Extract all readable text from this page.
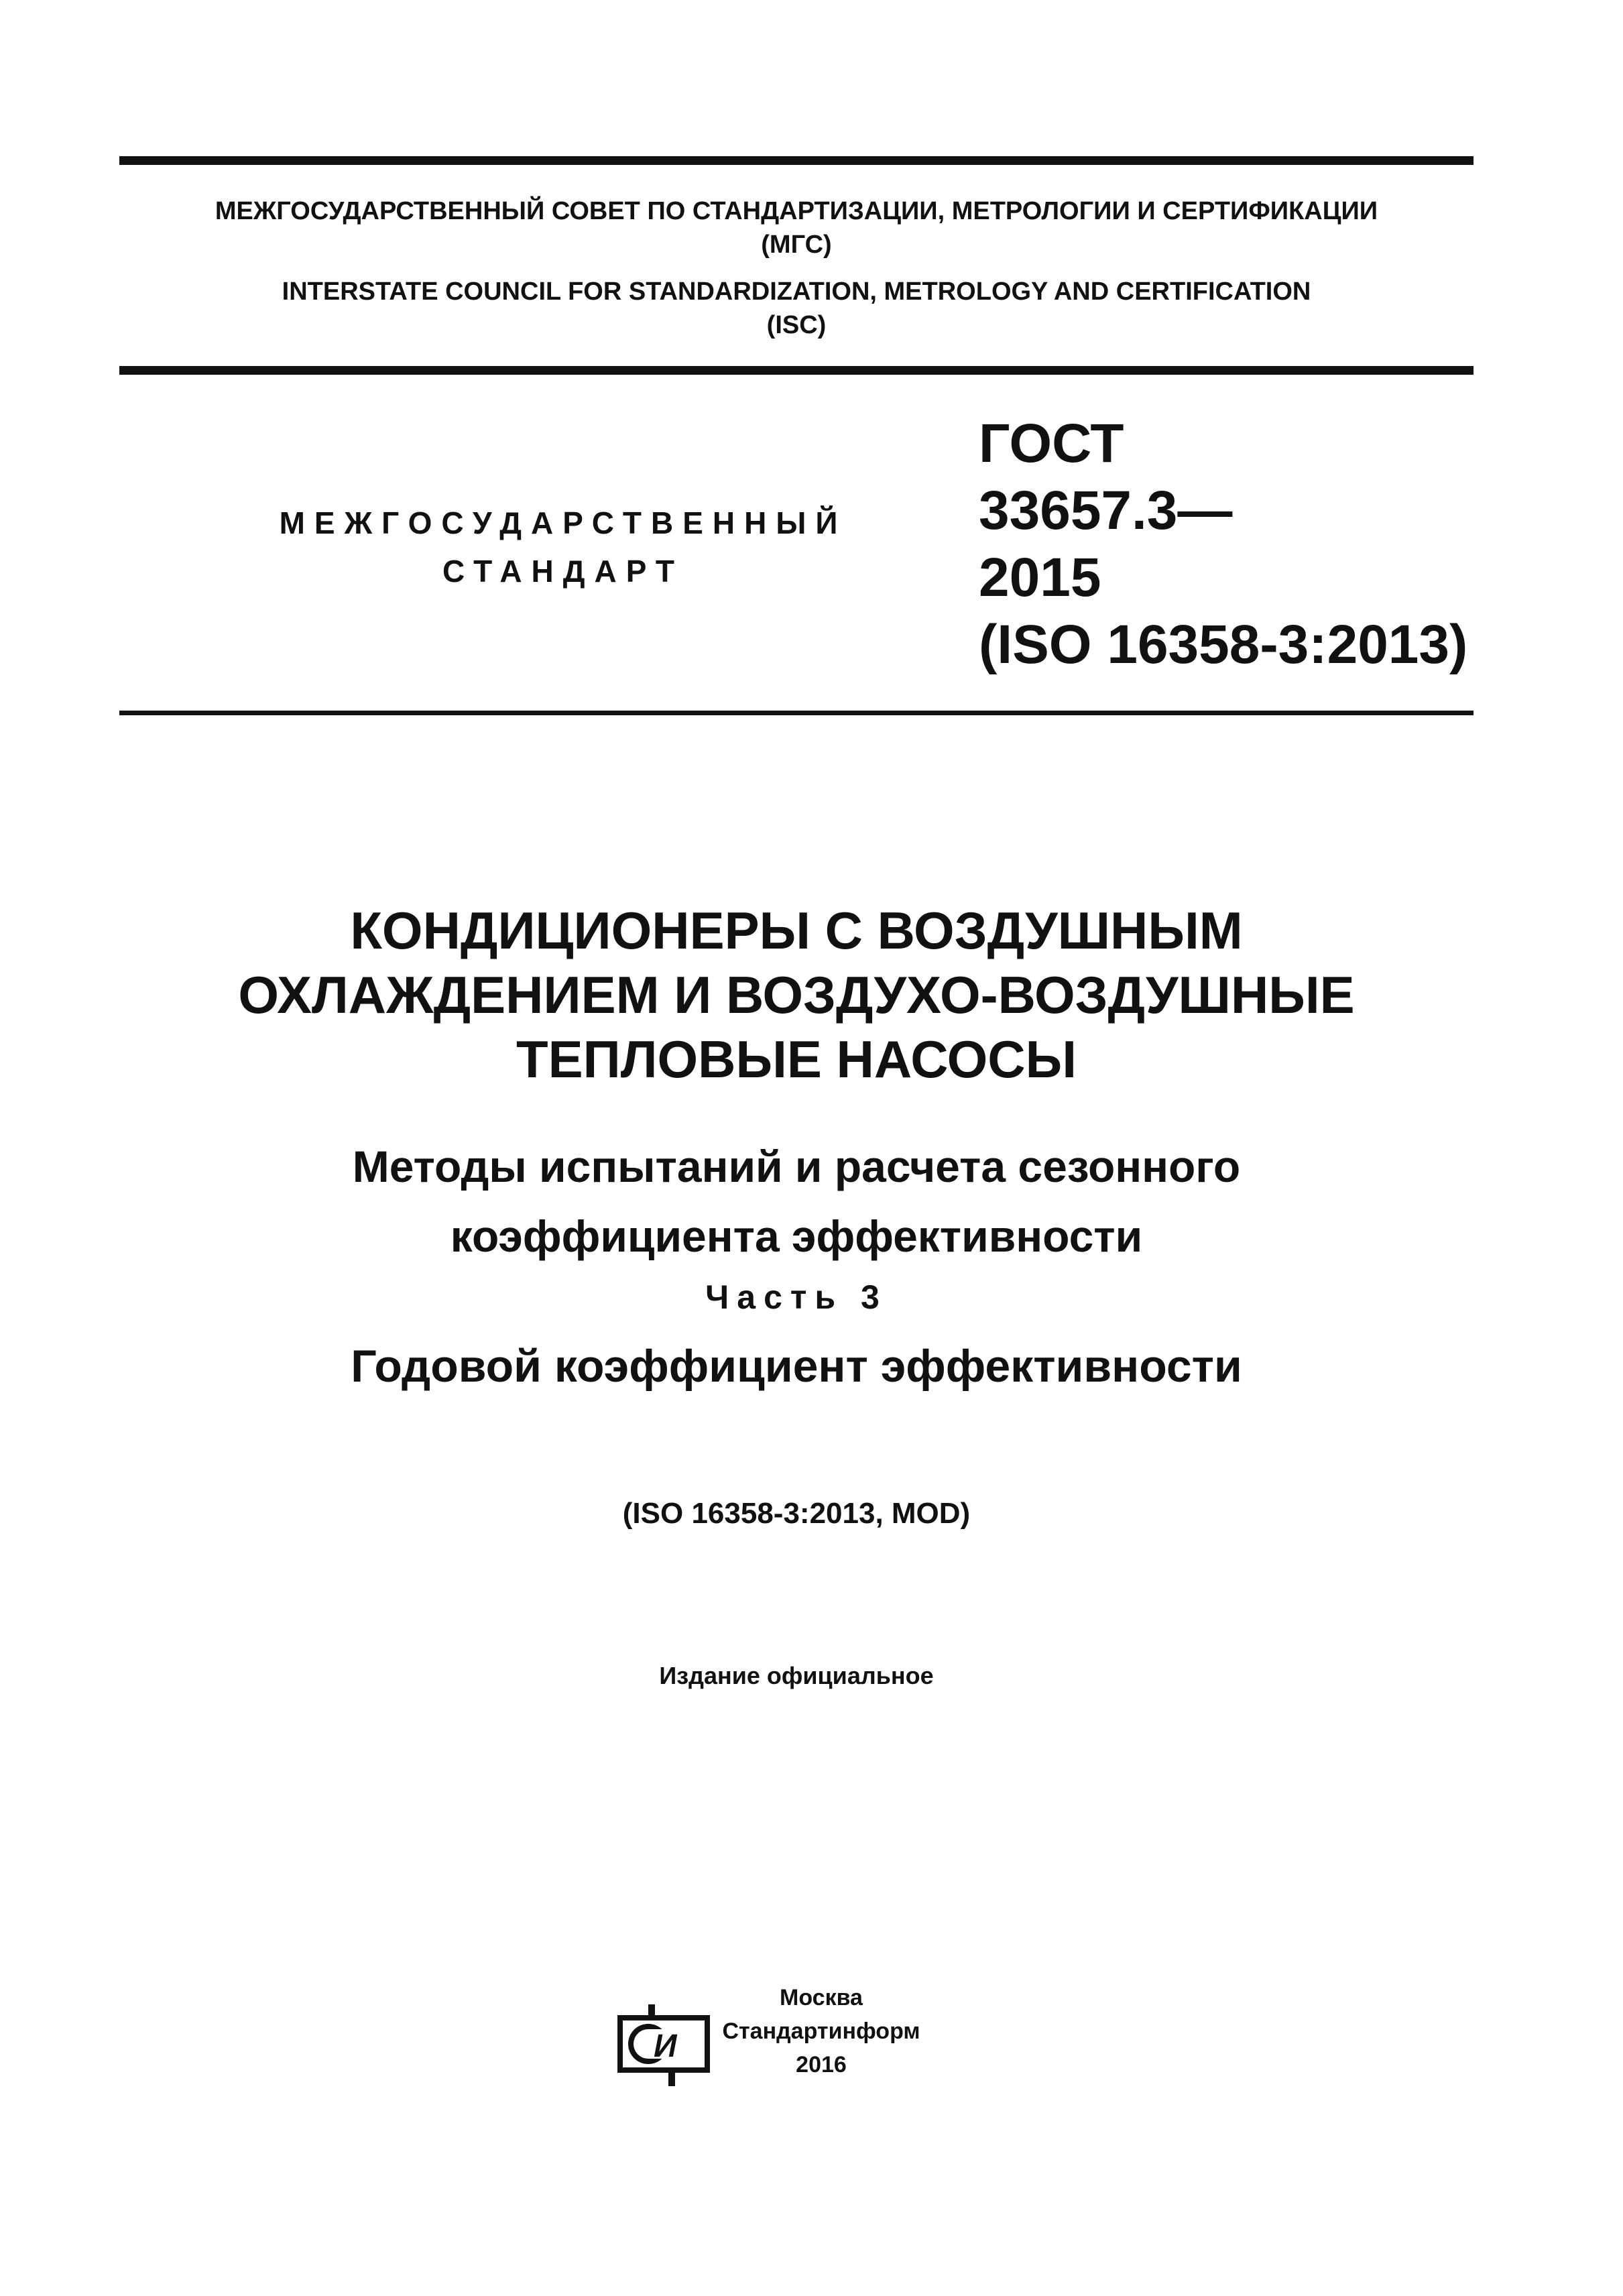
МЕЖГОСУДАРСТВЕННЫЙ СОВЕТ ПО СТАНДАРТИЗАЦИИ, МЕТРОЛОГИИ И СЕРТИФИКАЦИИ
(МГС)
INTERSTATE COUNCIL FOR STANDARDIZATION, METROLOGY AND CERTIFICATION
(ISC)
МЕЖГОСУДАРСТВЕННЫЙ
СТАНДАРТ
ГОСТ
33657.3—
2015
(ISO 16358-3:2013)
КОНДИЦИОНЕРЫ С ВОЗДУШНЫМ
ОХЛАЖДЕНИЕМ И ВОЗДУХО-ВОЗДУШНЫЕ
ТЕПЛОВЫЕ НАСОСЫ
Методы испытаний и расчета сезонного
коэффициента эффективности
Часть 3
Годовой коэффициент эффективности
(ISO 16358-3:2013, MOD)
Издание официальное
И
Москва
Стандартинформ
2016
